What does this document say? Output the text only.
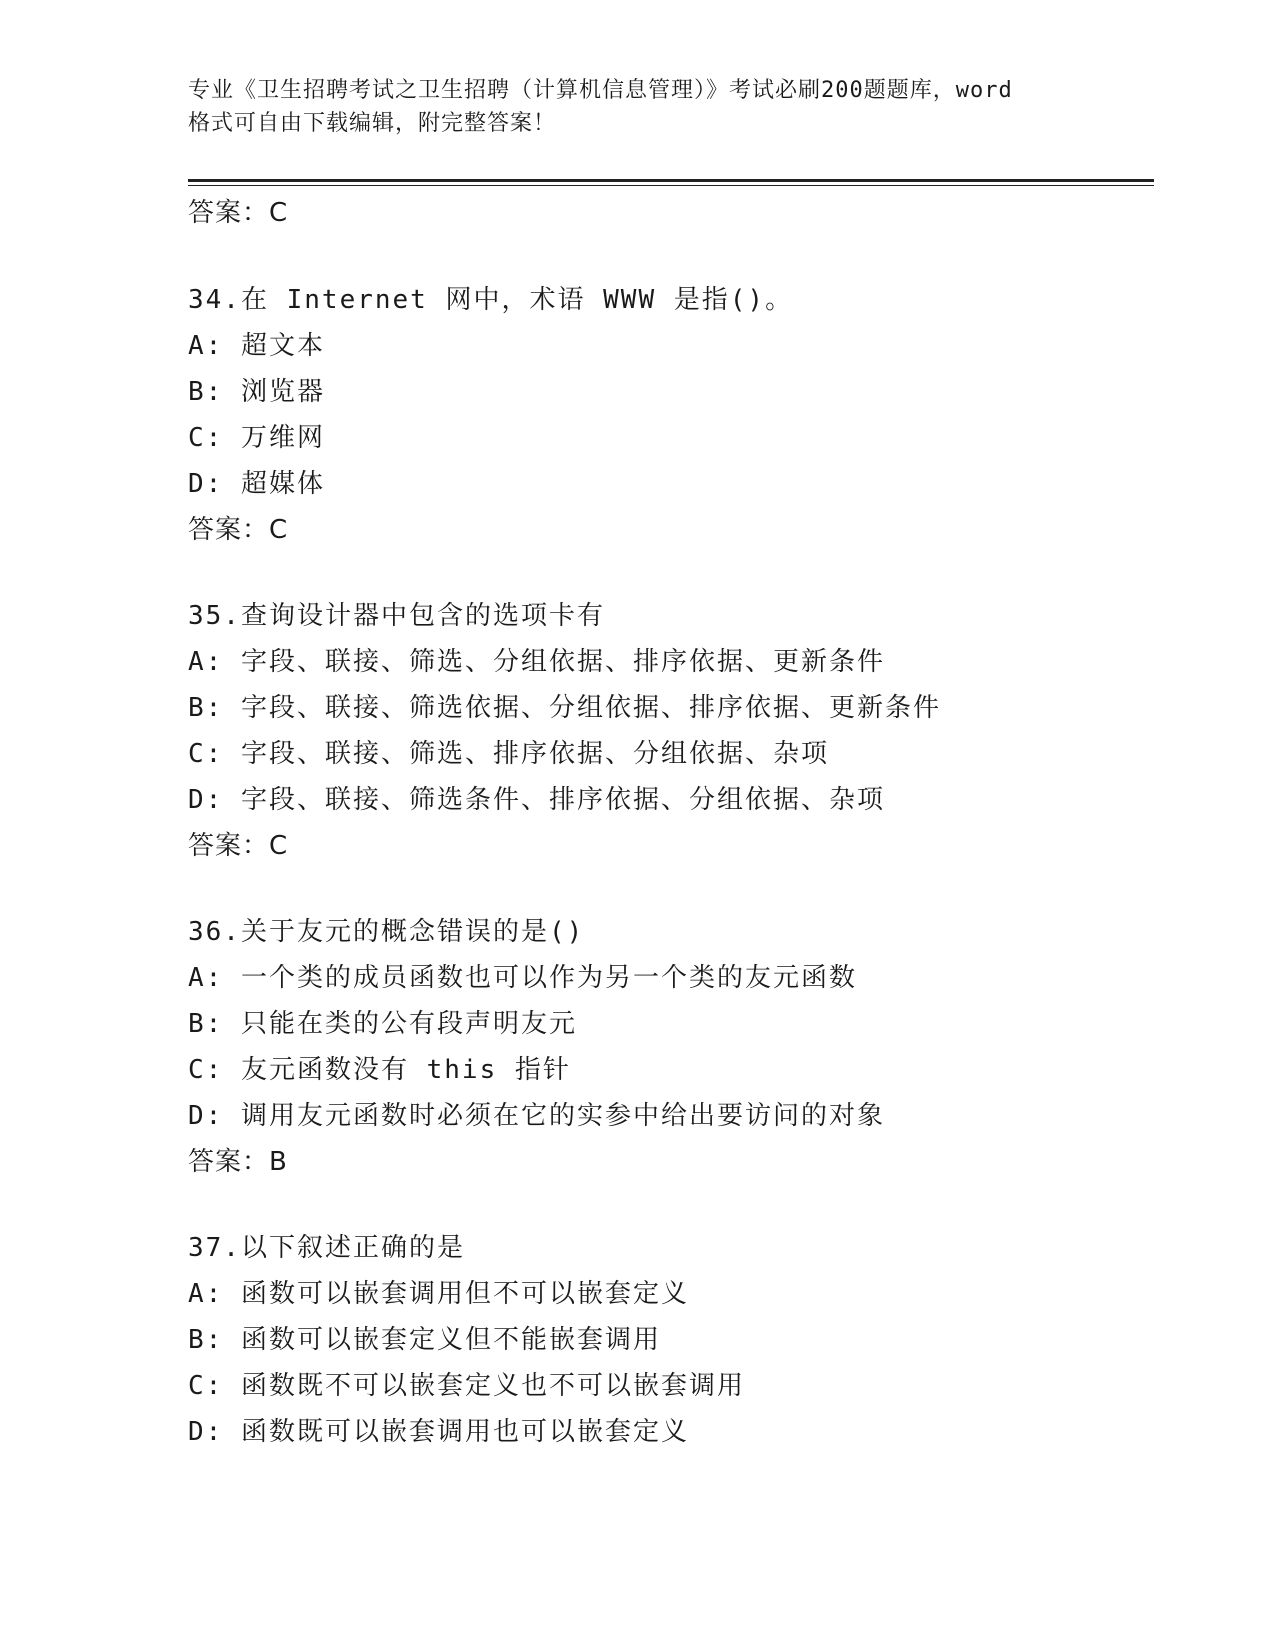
专业《卫生招聘考试之卫生招聘（计算机信息管理）》考试必刷200题题库，word
格式可自由下载编辑，附完整答案！
答案：C
34.在 Internet 网中，术语 WWW 是指()。
A: 超文本
B: 浏览器
C: 万维网
D: 超媒体
答案：C
35.查询设计器中包含的选项卡有
A: 字段、联接、筛选、分组依据、排序依据、更新条件
B: 字段、联接、筛选依据、分组依据、排序依据、更新条件
C: 字段、联接、筛选、排序依据、分组依据、杂项
D: 字段、联接、筛选条件、排序依据、分组依据、杂项
答案：C
36.关于友元的概念错误的是()
A: 一个类的成员函数也可以作为另一个类的友元函数
B: 只能在类的公有段声明友元
C: 友元函数没有 this 指针
D: 调用友元函数时必须在它的实参中给出要访问的对象
答案：B
37.以下叙述正确的是
A: 函数可以嵌套调用但不可以嵌套定义
B: 函数可以嵌套定义但不能嵌套调用
C: 函数既不可以嵌套定义也不可以嵌套调用
D: 函数既可以嵌套调用也可以嵌套定义
